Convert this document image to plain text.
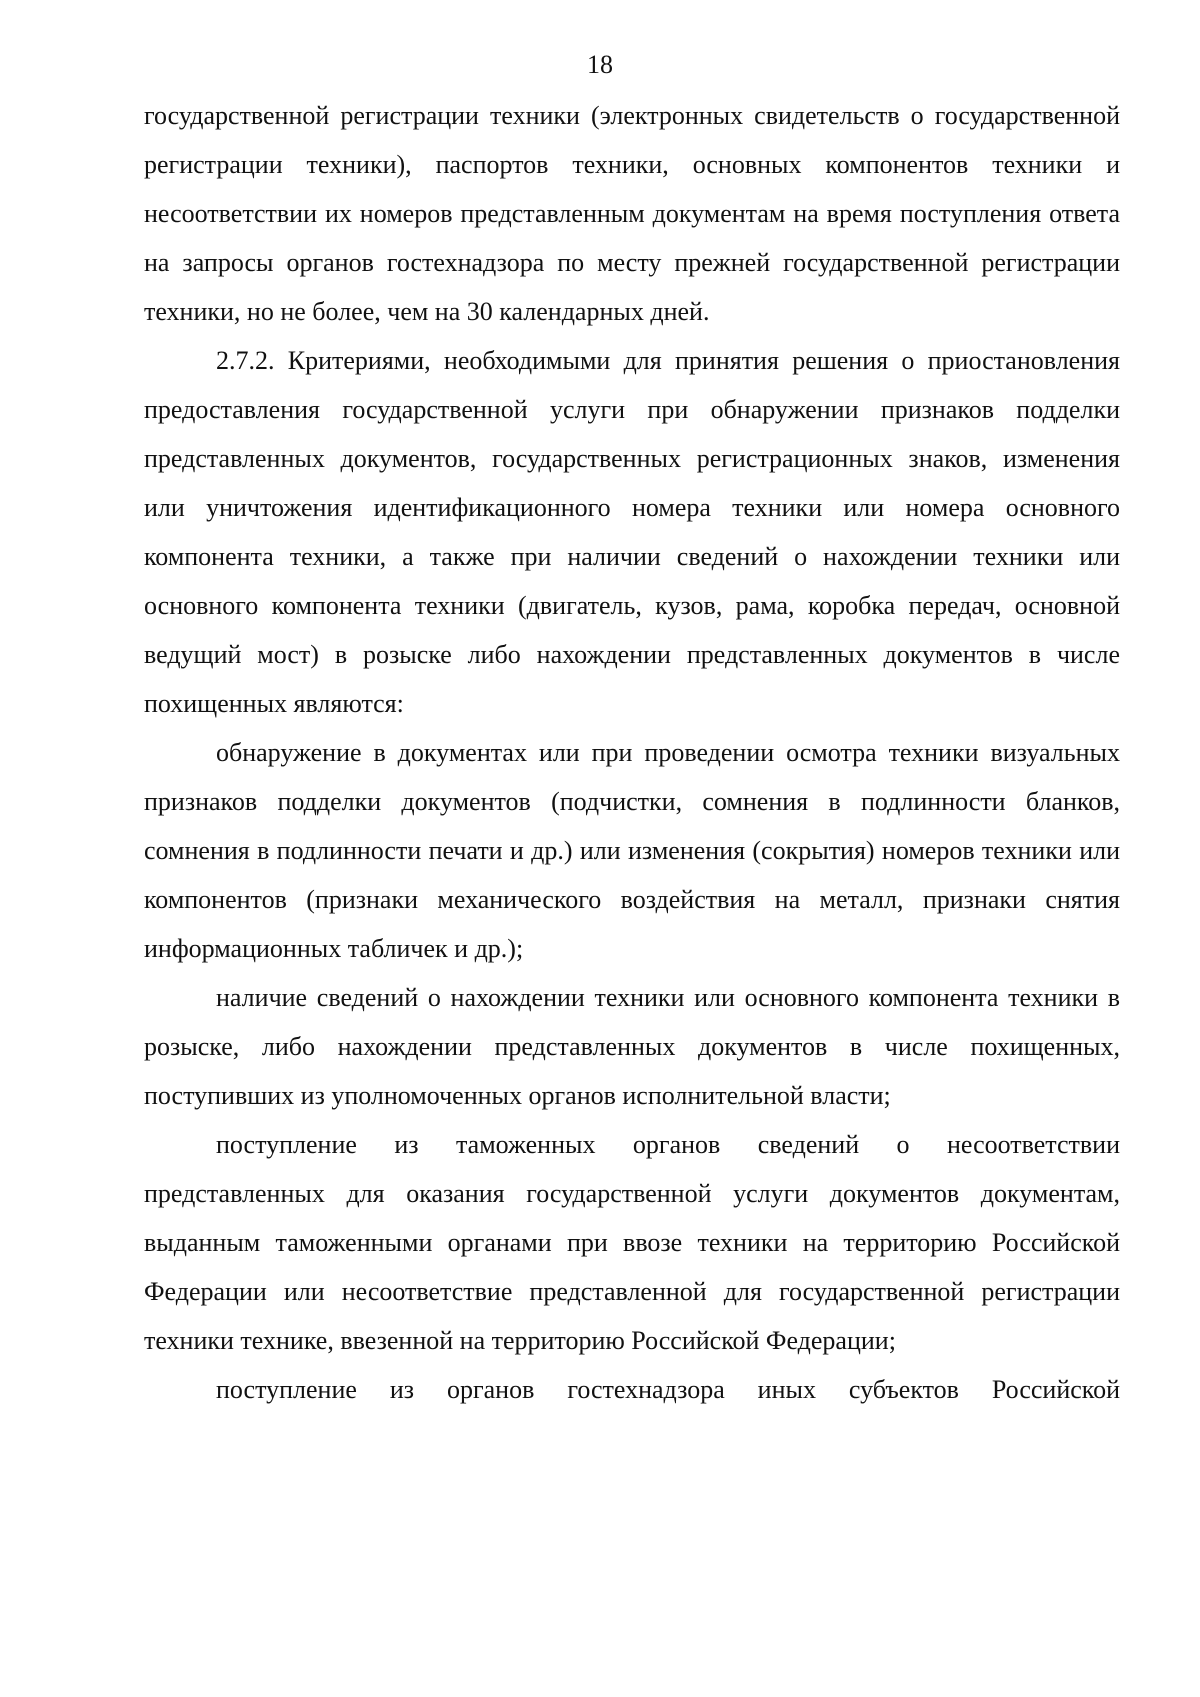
18

государственной регистрации техники (электронных свидетельств о государственной регистрации техники), паспортов техники, основных компонентов техники и несоответствии их номеров представленным документам на время поступления ответа на запросы органов гостехнадзора по месту прежней государственной регистрации техники, но не более, чем на 30 календарных дней.

2.7.2. Критериями, необходимыми для принятия решения о приостановления предоставления государственной услуги при обнаружении признаков подделки представленных документов, государственных регистрационных знаков, изменения или уничтожения идентификационного номера техники или номера основного компонента техники, а также при наличии сведений о нахождении техники или основного компонента техники (двигатель, кузов, рама, коробка передач, основной ведущий мост) в розыске либо нахождении представленных документов в числе похищенных являются:

обнаружение в документах или при проведении осмотра техники визуальных признаков подделки документов (подчистки, сомнения в подлинности бланков, сомнения в подлинности печати и др.) или изменения (сокрытия) номеров техники или компонентов (признаки механического воздействия на металл, признаки снятия информационных табличек и др.);

наличие сведений о нахождении техники или основного компонента техники в розыске, либо нахождении представленных документов в числе похищенных, поступивших из уполномоченных органов исполнительной власти;

поступление из таможенных органов сведений о несоответствии представленных для оказания государственной услуги документов документам, выданным таможенными органами при ввозе техники на территорию Российской Федерации или несоответствие представленной для государственной регистрации техники технике, ввезенной на территорию Российской Федерации;

поступление из органов гостехнадзора иных субъектов Российской
